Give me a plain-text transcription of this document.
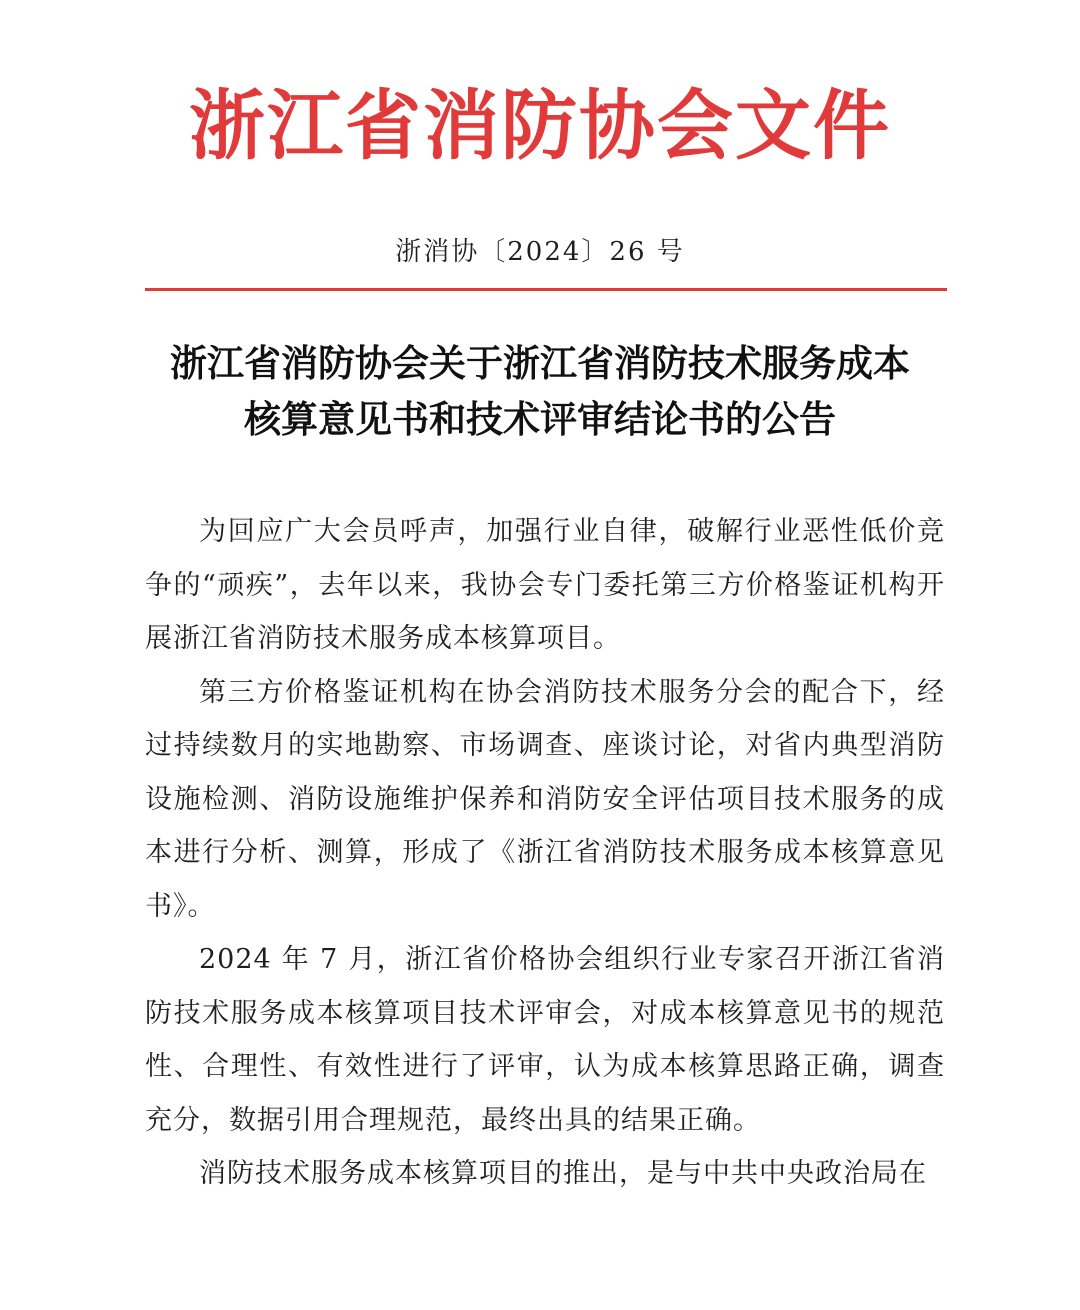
浙江省消防协会文件
浙消协〔2024〕26 号
浙江省消防协会关于浙江省消防技术服务成本
核算意见书和技术评审结论书的公告

为回应广大会员呼声，加强行业自律，破解行业恶性低价竞争的“顽疾”，去年以来，我协会专门委托第三方价格鉴证机构开展浙江省消防技术服务成本核算项目。

第三方价格鉴证机构在协会消防技术服务分会的配合下，经过持续数月的实地勘察、市场调查、座谈讨论，对省内典型消防设施检测、消防设施维护保养和消防安全评估项目技术服务的成本进行分析、测算，形成了《浙江省消防技术服务成本核算意见书》。

2024 年 7 月，浙江省价格协会组织行业专家召开浙江省消防技术服务成本核算项目技术评审会，对成本核算意见书的规范性、合理性、有效性进行了评审，认为成本核算思路正确，调查充分，数据引用合理规范，最终出具的结果正确。

消防技术服务成本核算项目的推出，是与中共中央政治局在
